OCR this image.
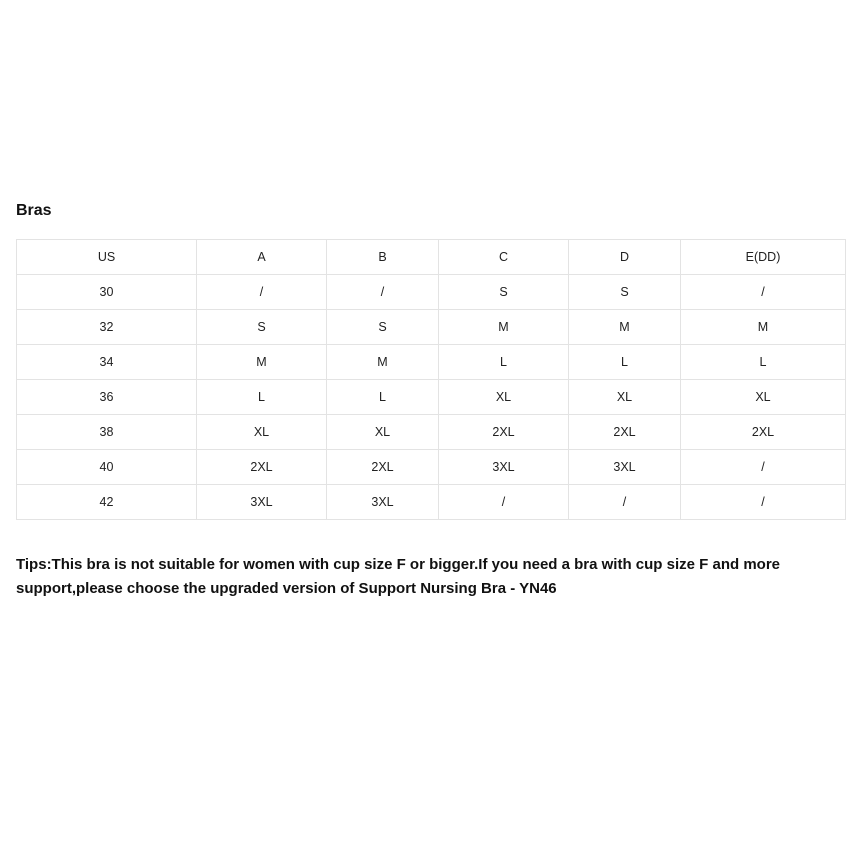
Bras
US	A	B	C	D	E(DD)
30	/	/	S	S	/
32	S	S	M	M	M
34	M	M	L	L	L
36	L	L	XL	XL	XL
38	XL	XL	2XL	2XL	2XL
40	2XL	2XL	3XL	3XL	/
42	3XL	3XL	/	/	/

Tips:This bra is not suitable for women with cup size F or bigger.If you need a bra with cup size F and more support,please choose the upgraded version of Support Nursing Bra - YN46
